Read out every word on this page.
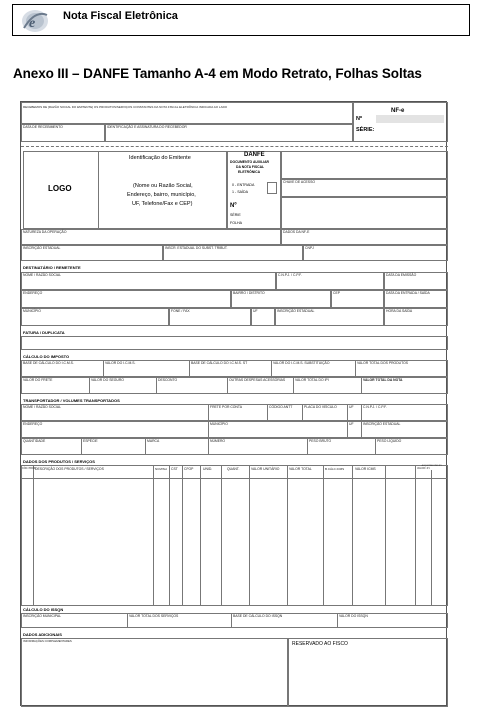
e	Nota Fiscal Eletrônica
Anexo III – DANFE Tamanho A-4 em Modo Retrato, Folhas Soltas
RECEBEMOS DE [RAZÃO SOCIAL DO EMITENTE] OS PRODUTOS/SERVIÇOS CONSTANTES DA NOTA FISCAL ELETRÔNICA INDICADA AO LADO
DATA DE RECEBIMENTO	IDENTIFICAÇÃO E ASSINATURA DO RECEBEDOR
NF-e
Nº
SÉRIE:
LOGO
Identificação do Emitente
(Nome ou Razão Social,
Endereço, bairro, município,
UF, Telefone/Fax e CEP)
DANFE
DOCUMENTO AUXILIAR
DA NOTA FISCAL
ELETRÔNICA
0 - ENTRADA
1 - SAÍDA
Nº
SÉRIE
FOLHA
CHAVE DE ACESSO
NATUREZA DA OPERAÇÃO	DADOS DA NF-E
INSCRIÇÃO ESTADUAL	INSCR. ESTADUAL DO SUBST. TRIBUT.	CNPJ
DESTINATÁRIO / REMETENTE
NOME / RAZÃO SOCIAL	C.N.P.J. / C.P.F.	DATA DA EMISSÃO
ENDEREÇO	BAIRRO / DISTRITO	CEP	DATA DA ENTRADA / SAÍDA
MUNICÍPIO	FONE / FAX	UF	INSCRIÇÃO ESTADUAL	HORA DA SAÍDA
FATURA / DUPLICATA
CÁLCULO DO IMPOSTO
BASE DE CÁLCULO DO I.C.M.S.	VALOR DO I.C.M.S.	BASE DE CÁLCULO DO I.C.M.S. ST	VALOR DO I.C.M.S. SUBSTITUIÇÃO	VALOR TOTAL DOS PRODUTOS
VALOR DO FRETE	VALOR DO SEGURO	DESCONTO	OUTRAS DESPESAS ACESSÓRIAS	VALOR TOTAL DO IPI	VALOR TOTAL DA NOTA
TRANSPORTADOR / VOLUMES TRANSPORTADOS
NOME / RAZÃO SOCIAL	FRETE POR CONTA	CÓDIGO ANTT	PLACA DO VEÍCULO	UF	C.N.P.J. / C.P.F.
ENDEREÇO	MUNICÍPIO	UF	INSCRIÇÃO ESTADUAL
QUANTIDADE	ESPÉCIE	MARCA	NÚMERO	PESO BRUTO	PESO LÍQUIDO
DADOS DOS PRODUTOS / SERVIÇOS
CÓD. PROD.
DESCRIÇÃO DOS PRODUTOS / SERVIÇOS	NCM/SH CST CFOP	UNID.	QUANT.	VALOR UNITÁRIO	VALOR TOTAL	B.CÁLC.ICMS	VALOR ICMS	VALOR I.P.I.
ALÍQUOTAS ICMS IPI
CÁLCULO DO ISSQN
INSCRIÇÃO MUNICIPAL	VALOR TOTAL DOS SERVIÇOS	BASE DE CÁLCULO DO ISSQN	VALOR DO ISSQN
DADOS ADICIONAIS
INFORMAÇÕES COMPLEMENTARES	RESERVADO AO FISCO
